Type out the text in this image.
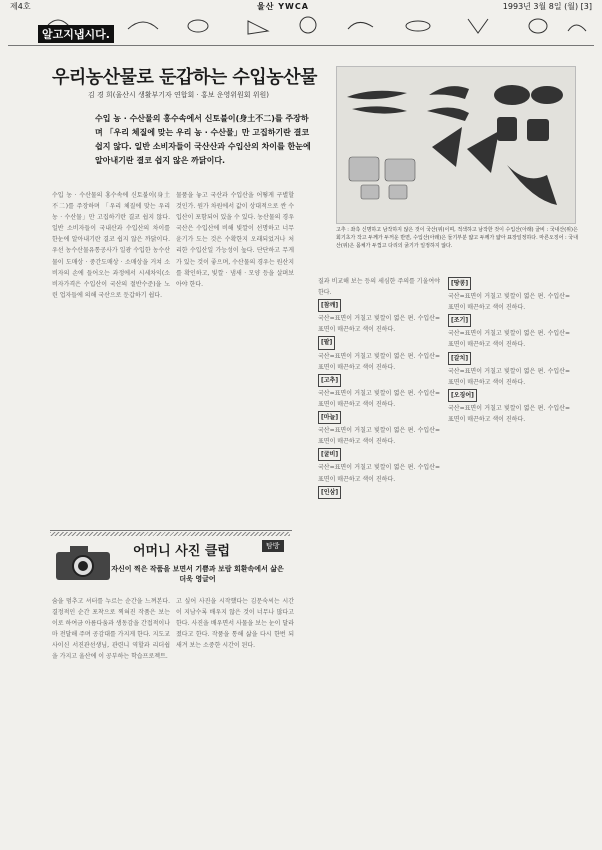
제4호	울산 YWCA	1993년 3월 8일 (월) [3]
알고지냅시다.
우리농산물로 둔갑하는 수입농산물
김 경 희(울산시 생활부기자 연합회 · 홍보 운영위원회 위원)
수입 농 · 수산물의 홍수속에서 신토불이(身土不二)를 주장하며 「우리 체질에 맞는 우리 농 · 수산물」만 고집하기란 결코 쉽지 않다. 일반 소비자들이 국산산과 수입산의 차이를 한눈에 알아내기란 결코 쉽지 않은 까닭이다.
고추 : 좌측 신명하고 남작하지 않은 것이 국산(위)이며, 적색하고 남작한 것이 수입산(아래) 굴비 : 국내산(위)은 회기초가 작고 두께가 두꺼운 반면, 수입산(아래)은 둘기부분 얇고 두께가 얇아 표장일정하다. 마른오징어 : 국내산(위)은 몸체가 두껍고 다리의 굵기가 일정하지 않다.
수입 농 · 수산물의 홍수속에 신토불이(身土不二)를 주장하며 「우리 체질에 맞는 우리 농 · 수산물」만 고집하기란 결코 쉽지 않다. 일반 소비자들이 국내산과 수입산의 차이를 한눈에 알아내기란 결코 쉽지 않은 까닭이다. 우선 농수산물유통공사가 일광 수입한 농수산물이 도매상 · 중간도매상 · 소매상을 거쳐 소비자의 손에 들어오는 과정에서 시세차익(소비자가격은 수입산이 국산의 절반수준)을 노린 업자들에 의해 국산으로 둔갑하기 쉽다.
물품을 놓고 국산과 수입산을 어떻게 구별할 것인가. 원가 차원에서 값이 상대적으로 싼 수입산이 포함되어 있을 수 있다. 농산물의 경우 국산은 수입산에 비해 빛깔이 선명하고 너무 윤기가 도는 것은 수확한지 오래되었거나 처리한 수입산일 가능성이 높다. 단단하고 무게가 있는 것이 좋으며, 수산물의 경우는 원산지를 확인하고, 빛깔 · 냄새 · 모양 등을 살펴보아야 한다.	질과 비교해 보는 등의 세심한 주의를 기울여야 한다.
[참깨]
국산=표면이 거칠고 빛깔이 엷은 편. 수입산=표면이 매끈하고 색이 진하다.
[팥]
국산=표면이 거칠고 빛깔이 엷은 편. 수입산=표면이 매끈하고 색이 진하다.
[고추]
국산=표면이 거칠고 빛깔이 엷은 편. 수입산=표면이 매끈하고 색이 진하다.
[마늘]
국산=표면이 거칠고 빛깔이 엷은 편. 수입산=표면이 매끈하고 색이 진하다.
[굴비]
국산=표면이 거칠고 빛깔이 엷은 편. 수입산=표면이 매끈하고 색이 진하다.
[인삼]
[땅콩]
국산=표면이 거칠고 빛깔이 엷은 편. 수입산=표면이 매끈하고 색이 진하다.
[조기]
국산=표면이 거칠고 빛깔이 엷은 편. 수입산=표면이 매끈하고 색이 진하다.
[갈치]
국산=표면이 거칠고 빛깔이 엷은 편. 수입산=표면이 매끈하고 색이 진하다.
[오징어]
국산=표면이 거칠고 빛깔이 엷은 편. 수입산=표면이 매끈하고 색이 진하다.
어머니 사진 클럽	탐방
자신이 찍은 작품을 보면서 기쁨과 보람 회환속에서 삶은 더욱 영글어
숨을 멈추고 셔터를 누르는 순간을 느껴본다. 결정적인 순간 포착으로 찍혀진 작품은 보는 이로 하여금 아름다움과 생동감을 간접적이나마 전달해 주며 공감대를 가지게 한다. 지도교사이신 서진관선생님, 관련니 역할과 리더쉽을 가지고 울산에 이 공부하는 학습프로젝트.
고 싶어 사진을 시작했다는 김문숙씨는 시간이 지남수록 배우지 않은 것이 너무나 많다고 한다. 사진을 배우면서 사물을 보는 눈이 달라졌다고 한다. 작품을 통해 삶을 다시 한번 되새겨 보는 소중한 시간이 된다.
